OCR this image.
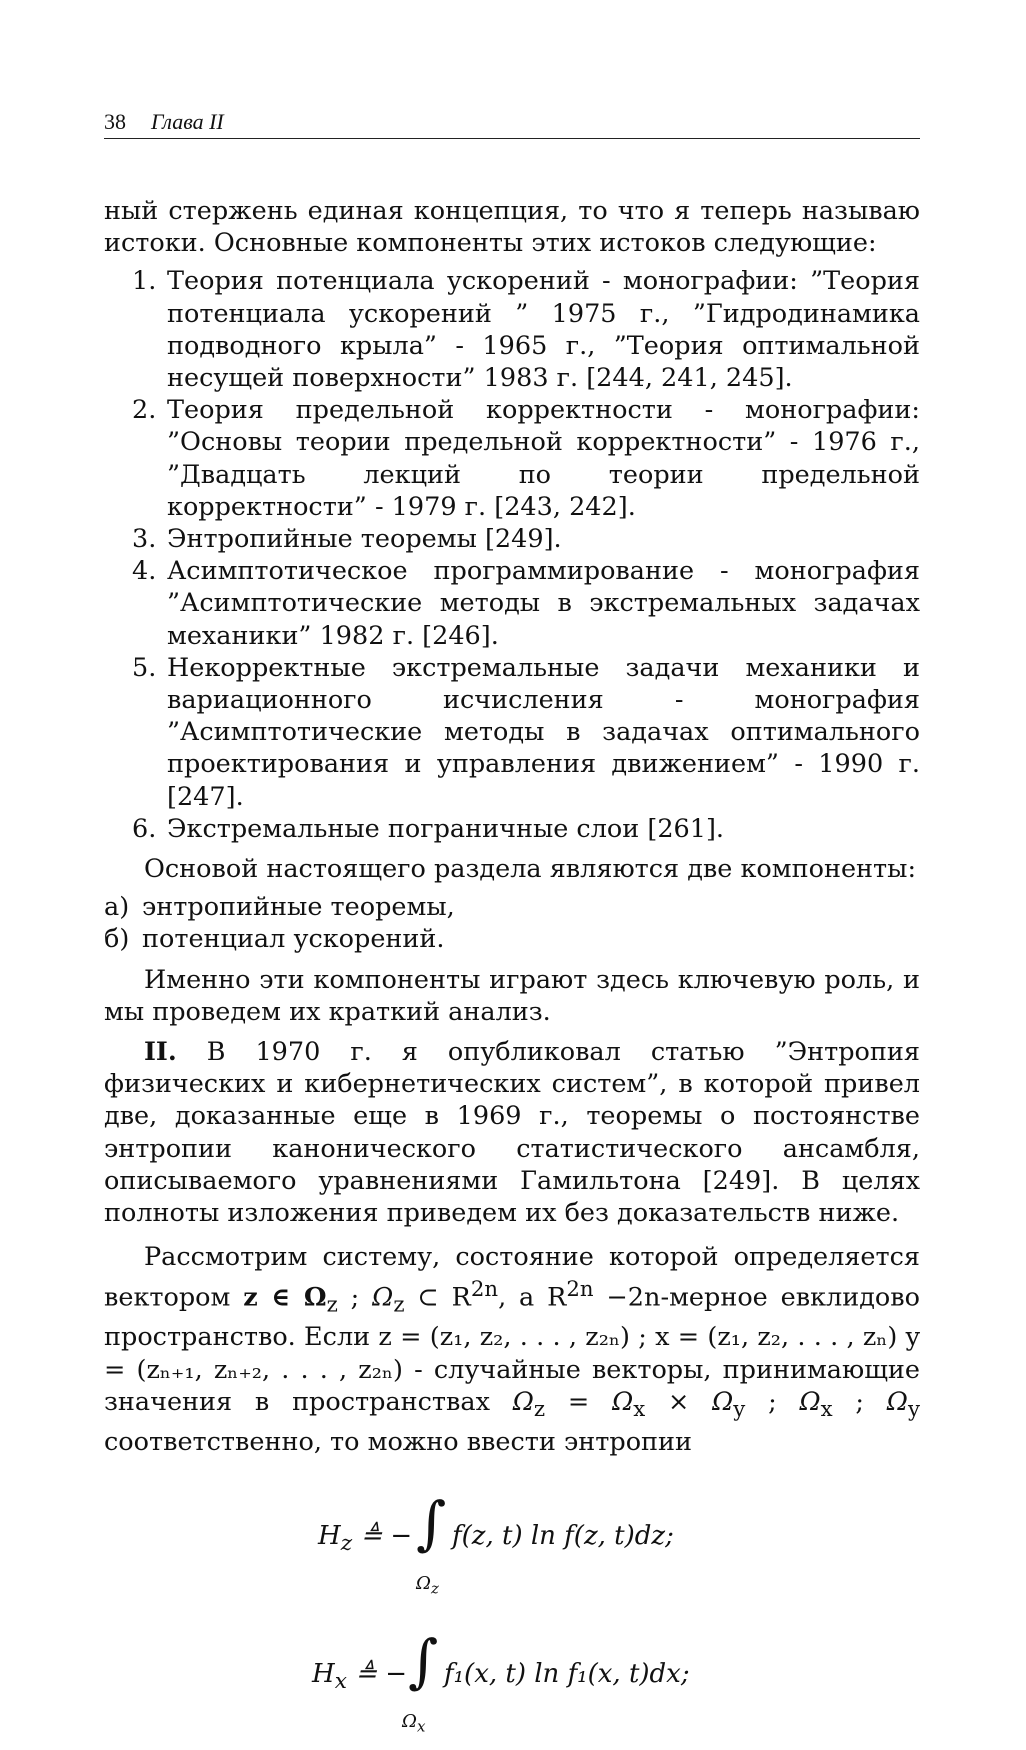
38 Глава II

ный стержень единая концепция, то что я теперь называю истоки. Основные компоненты этих истоков следующие:

1. Теория потенциала ускорений - монографии: ”Теория потенциала ускорений ” 1975 г., ”Гидродинамика подводного крыла” - 1965 г., ”Теория оптимальной несущей поверхности” 1983 г. [244, 241, 245].
2. Теория предельной корректности - монографии: ”Основы теории предельной корректности” - 1976 г., ”Двадцать лекций по теории предельной корректности” - 1979 г. [243, 242].
3. Энтропийные теоремы [249].
4. Асимптотическое программирование - монография ”Асимптотические методы в экстремальных задачах механики” 1982 г. [246].
5. Некорректные экстремальные задачи механики и вариационного исчисления - монография ”Асимптотические методы в задачах оптимального проектирования и управления движением” - 1990 г. [247].
6. Экстремальные пограничные слои [261].

Основой настоящего раздела являются две компоненты:

а) энтропийные теоремы,
б) потенциал ускорений.

Именно эти компоненты играют здесь ключевую роль, и мы проведем их краткий анализ.

II. В 1970 г. я опубликовал статью ”Энтропия физических и кибернетических систем”, в которой привел две, доказанные еще в 1969 г., теоремы о постоянстве энтропии канонического статистического ансамбля, описываемого уравнениями Гамильтона [249]. В целях полноты изложения приведем их без доказательств ниже.

Рассмотрим систему, состояние которой определяется вектором z ∈ $\Omega_z$ ; $\Omega_z$ ⊂ $R^{2n}$, а $R^{2n}$ −2n-мерное евклидово пространство. Если z = (z₁, z₂, . . . , z₂ₙ) ; x = (z₁, z₂, . . . , zₙ) y = (zₙ₊₁, zₙ₊₂, . . . , z₂ₙ) - случайные векторы, принимающие значения в пространствах $\Omega_z = \Omega_x \times \Omega_y$ ; $\Omega_x$ ; $\Omega_y$ соответственно, то можно ввести энтропии

$H_z$ ≜ − ∫
$\Omega_z$
f(z, t) ln f(z, t)dz;
$H_x$ ≜ − ∫
$\Omega_x$
f₁(x, t) ln f₁(x, t)dx;
